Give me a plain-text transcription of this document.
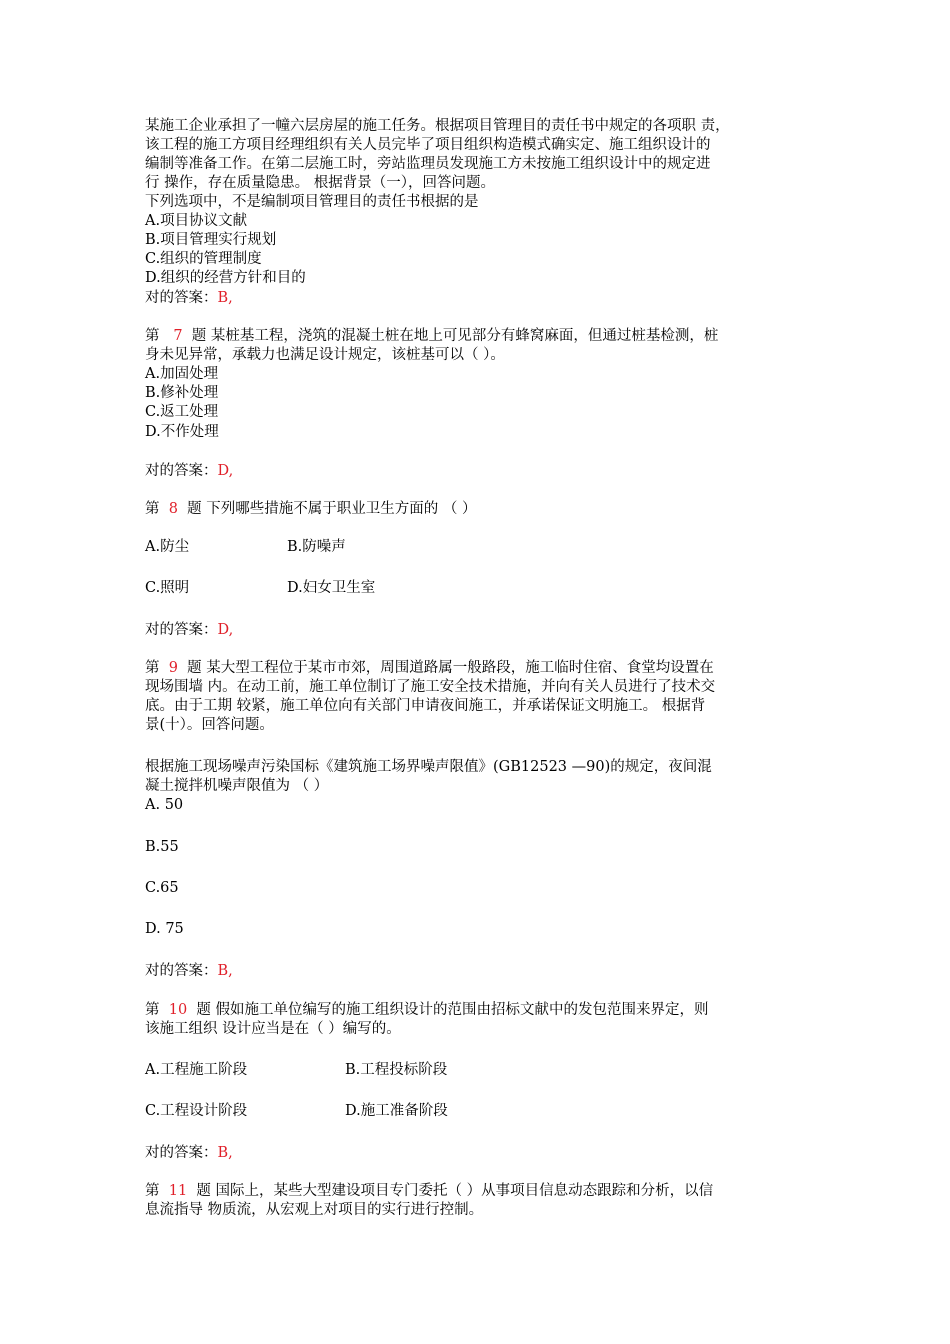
某施工企业承担了一幢六层房屋的施工任务。根据项目管理目的责任书中规定的各项职 责，
该工程的施工方项目经理组织有关人员完毕了项目组织构造模式确实定、施工组织设计的
编制等准备工作。在第二层施工时，旁站监理员发现施工方未按施工组织设计中的规定进
行 操作，存在质量隐患。 根据背景（一），回答问题。
下列选项中，不是编制项目管理目的责任书根据的是
A.项目协议文献
B.项目管理实行规划
C.组织的管理制度
D.组织的经营方针和目的
对的答案：B,
第 7 题 某桩基工程，浇筑的混凝土桩在地上可见部分有蜂窝麻面，但通过桩基检测，桩
身未见异常，承载力也满足设计规定，该桩基可以（ ）。
A.加固处理
B.修补处理
C.返工处理
D.不作处理
对的答案：D,
第 8 题 下列哪些措施不属于职业卫生方面的 （ ）
A.防尘	B.防噪声
C.照明	D.妇女卫生室
对的答案：D,
第 9 题 某大型工程位于某市市郊，周围道路属一般路段，施工临时住宿、食堂均设置在
现场围墙 内。在动工前，施工单位制订了施工安全技术措施，并向有关人员进行了技术交
底。由于工期 较紧，施工单位向有关部门申请夜间施工，并承诺保证文明施工。 根据背
景(十）。回答问题。
根据施工现场噪声污染国标《建筑施工场界噪声限值》(GB12523 —90)的规定，夜间混
凝土搅拌机噪声限值为 （ ）
A. 50
B.55
C.65
D. 75
对的答案：B,
第 10 题 假如施工单位编写的施工组织设计的范围由招标文献中的发包范围来界定，则
该施工组织 设计应当是在（ ）编写的。
A.工程施工阶段	B.工程投标阶段
C.工程设计阶段	D.施工准备阶段
对的答案：B,
第 11 题 国际上，某些大型建设项目专门委托（ ）从事项目信息动态跟踪和分析，以信
息流指导 物质流，从宏观上对项目的实行进行控制。
